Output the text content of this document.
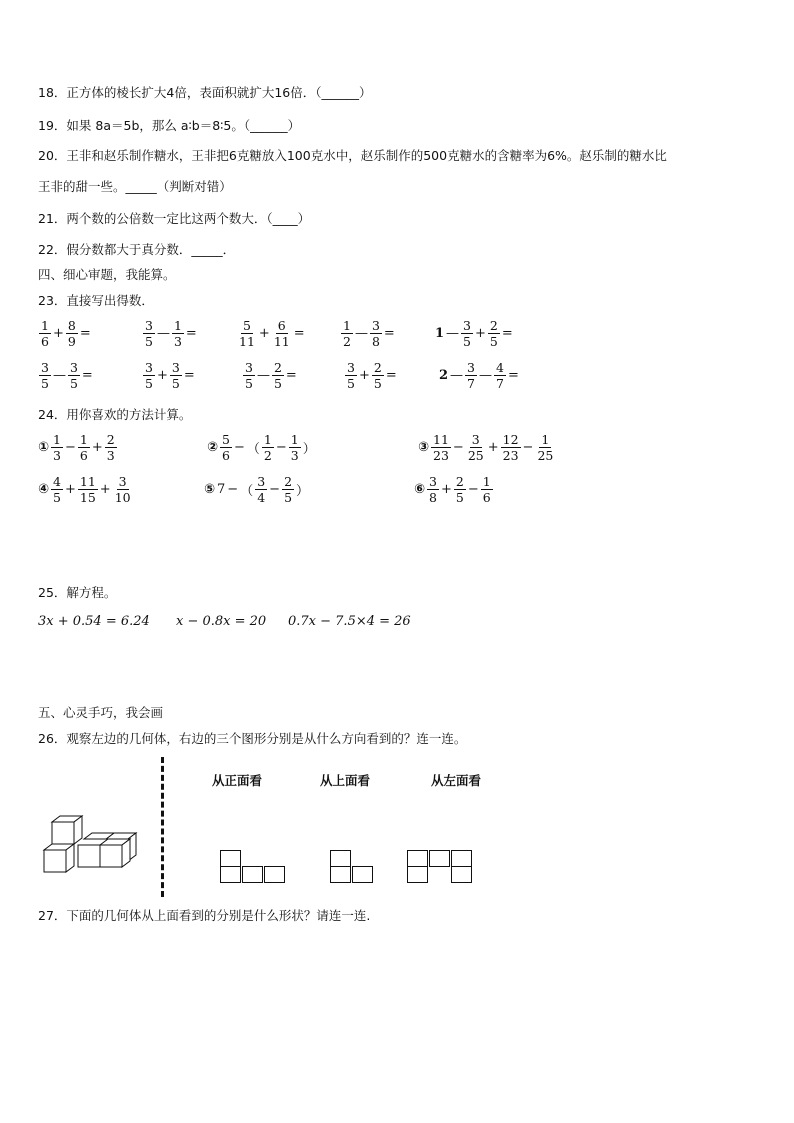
18．正方体的棱长扩大4倍，表面积就扩大16倍．（______）
19．如果 8a＝5b，那么 a∶b＝8∶5。（______）
20．王非和赵乐制作糖水，王非把6克糖放入100克水中，赵乐制作的500克糖水的含糖率为6%。赵乐制的糖水比
王非的甜一些。_____（判断对错）
21．两个数的公倍数一定比这两个数大．（____）
22．假分数都大于真分数．_____．
四、细心审题，我能算。
23．直接写出得数．
$\frac{1}{6} + \frac{8}{9}$ =	$\frac{3}{5}$ — $\frac{1}{3}$ =	$\frac{5}{11} + \frac{6}{11}$ =	$\frac{1}{2}$ — $\frac{3}{8}$ =	1 — $\frac{3}{5} + \frac{2}{5}$ =
$\frac{3}{5}$ — $\frac{3}{5}$ =	$\frac{3}{5} + \frac{3}{5}$ =	$\frac{3}{5}$ — $\frac{2}{5}$ =	$\frac{3}{5} + \frac{2}{5}$ =	2 — $\frac{3}{7}$ — $\frac{4}{7}$ =
24．用你喜欢的方法计算。
① $\frac{1}{3} - \frac{1}{6} + \frac{2}{3}$	② $\frac{5}{6}$ − （ $\frac{1}{2} - \frac{1}{3}$ ）	③ $\frac{11}{23} - \frac{3}{25} + \frac{12}{23} - \frac{1}{25}$
④ $\frac{4}{5} + \frac{11}{15} + \frac{3}{10}$	⑤ 7 − （ $\frac{3}{4} - \frac{2}{5}$ ）	⑥ $\frac{3}{8} + \frac{2}{5} - \frac{1}{6}$
25．解方程。
3x + 0.54 = 6.24 x − 0.8x = 20 0.7x − 7.5×4 = 26
五、心灵手巧，我会画
26．观察左边的几何体，右边的三个图形分别是从什么方向看到的？连一连。
从正面看	从上面看	从左面看
27．下面的几何体从上面看到的分别是什么形状？请连一连.
